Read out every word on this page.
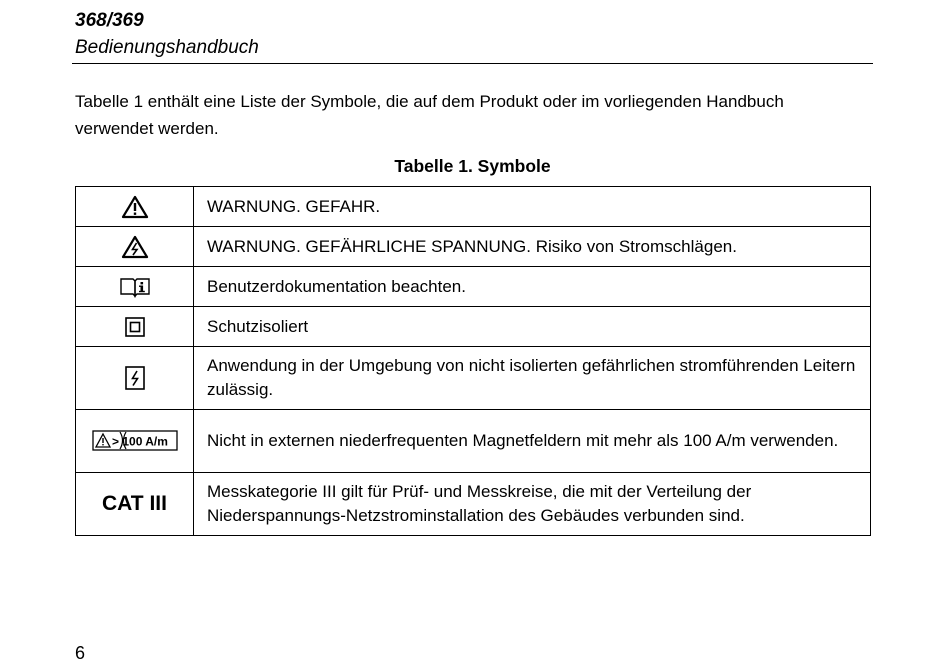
368/369
Bedienungshandbuch
Tabelle 1 enthält eine Liste der Symbole, die auf dem Produkt oder im vorliegenden Handbuch verwendet werden.
Tabelle 1. Symbole
	WARNUNG. GEFAHR.

	WARNUNG. GEFÄHRLICHE SPANNUNG. Risiko von Stromschlägen.

	Benutzerdokumentation beachten.

	Schutzisoliert

	Anwendung in der Umgebung von nicht isolierten gefährlichen stromführenden Leitern zulässig.

> 100 A/m	Nicht in externen niederfrequenten Magnetfeldern mit mehr als 100 A/m verwenden.

CAT III	Messkategorie III gilt für Prüf- und Messkreise, die mit der Verteilung der Niederspannungs-Netzstrominstallation des Gebäudes verbunden sind.
6
